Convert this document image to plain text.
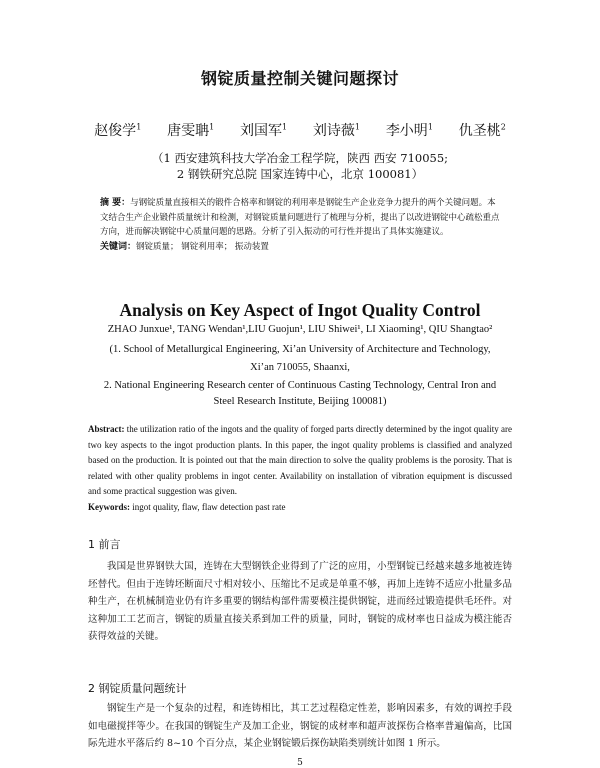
钢锭质量控制关键问题探讨
赵俊学$^1$ 唐雯聃$^1$ 刘国军$^1$ 刘诗薇$^1$ 李小明$^1$ 仇圣桃$^2$
（1 西安建筑科技大学冶金工程学院，陕西 西安 710055;
2 钢铁研究总院 国家连铸中心，北京 100081）
摘 要：与钢锭质量直接相关的锻件合格率和钢锭的利用率是钢锭生产企业竞争力提升的两个关键问题。本文结合生产企业锻件质量统计和检测，对钢锭质量问题进行了梳理与分析，提出了以改进钢锭中心疏松重点方向，进而解决钢锭中心质量问题的思路。分析了引入振动的可行性并提出了具体实施建议。
关键词：钢锭质量； 钢锭利用率； 振动装置
Analysis on Key Aspect of Ingot Quality Control
ZHAO Junxue¹, TANG Wendan¹,LIU Guojun¹, LIU Shiwei¹, LI Xiaoming¹, QIU Shangtao²
(1. School of Metallurgical Engineering, Xi’an University of Architecture and Technology,
Xi’an 710055, Shaanxi,
2. National Engineering Research center of Continuous Casting Technology, Central Iron and
Steel Research Institute, Beijing 100081)
Abstract: the utilization ratio of the ingots and the quality of forged parts directly determined by the ingot quality are two key aspects to the ingot production plants. In this paper, the ingot quality problems is classified and analyzed based on the production. It is pointed out that the main direction to solve the quality problems is the porosity. That is related with other quality problems in ingot center. Availability on installation of vibration equipment is discussed and some practical suggestion was given.
Keywords: ingot quality, flaw, flaw detection past rate
1 前言
我国是世界钢铁大国，连铸在大型钢铁企业得到了广泛的应用，小型钢锭已经越来越多地被连铸坯替代。但由于连铸坯断面尺寸相对较小、压缩比不足或是单重不够，再加上连铸不适应小批量多品种生产，在机械制造业仍有许多重要的钢结构部件需要模注提供钢锭，进而经过锻造提供毛坯件。对这种加工工艺而言，钢锭的质量直接关系到加工件的质量，同时，钢锭的成材率也日益成为模注能否获得效益的关键。
2 钢锭质量问题统计
钢锭生产是一个复杂的过程，和连铸相比，其工艺过程稳定性差，影响因素多，有效的调控手段如电磁搅拌等少。在我国的钢锭生产及加工企业，钢锭的成材率和超声波探伤合格率普遍偏高，比国际先进水平落后约 8~10 个百分点，某企业钢锭锻后探伤缺陷类别统计如图 1 所示。
5
